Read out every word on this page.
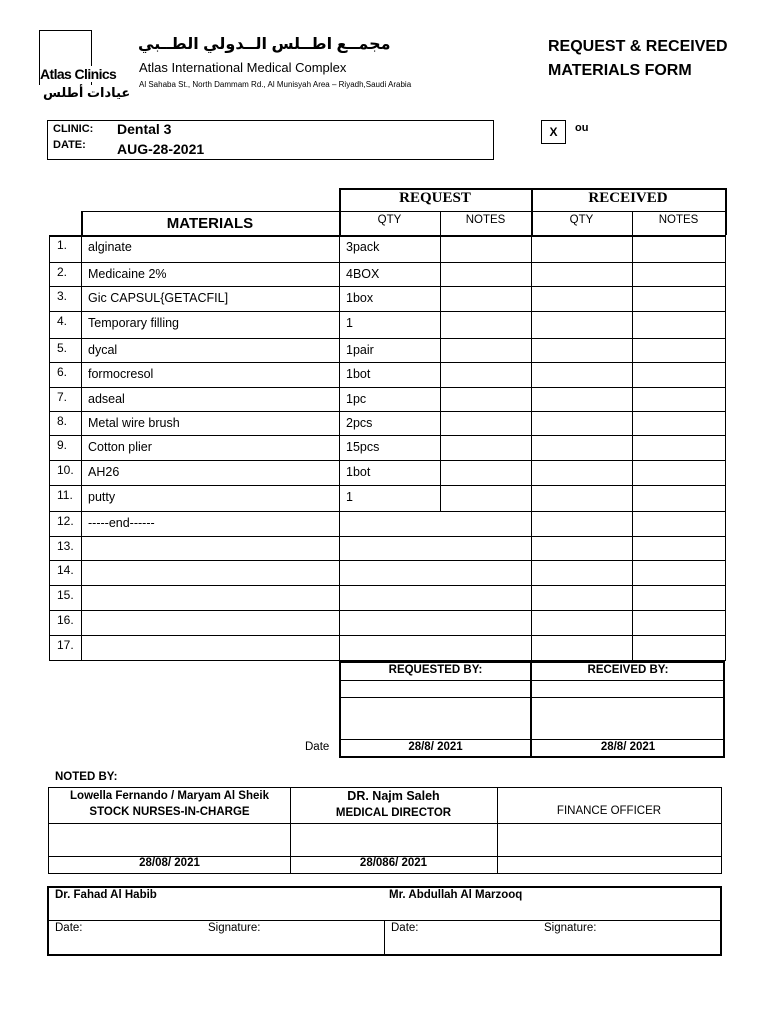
Atlas Clinics
عيادات أطلس
مجمــع اطــلس الــدولي الطــبي
Atlas International Medical Complex
Al Sahaba St., North Dammam Rd., Al Munisyah Area – Riyadh,Saudi Arabia
REQUEST & RECEIVED
MATERIALS FORM
CLINIC: Dental 3
DATE: AUG-28-2021
X	ou
REQUEST	RECEIVED
MATERIALS	QTY	NOTES	QTY	NOTES
1. alginate	3pack
2. Medicaine 2%	4BOX
3. Gic CAPSUL{GETACFIL]	1box
4. Temporary filling	1
5. dycal	1pair
6. formocresol	1bot
7. adseal	1pc
8. Metal wire brush	2pcs
9. Cotton plier	15pcs
10. AH26	1bot
11. putty	1
12. -----end------
13.
14.
15.
16.
17.
REQUESTED BY:	RECEIVED BY:
Date	28/8/ 2021	28/8/ 2021
NOTED BY:
Lowella Fernando / Maryam Al Sheik
STOCK NURSES-IN-CHARGE
28/08/ 2021
DR. Najm Saleh
MEDICAL DIRECTOR
28/086/ 2021
FINANCE OFFICER
Dr. Fahad Al Habib	Mr. Abdullah Al Marzooq
Date:	Signature:	Date:	Signature:
